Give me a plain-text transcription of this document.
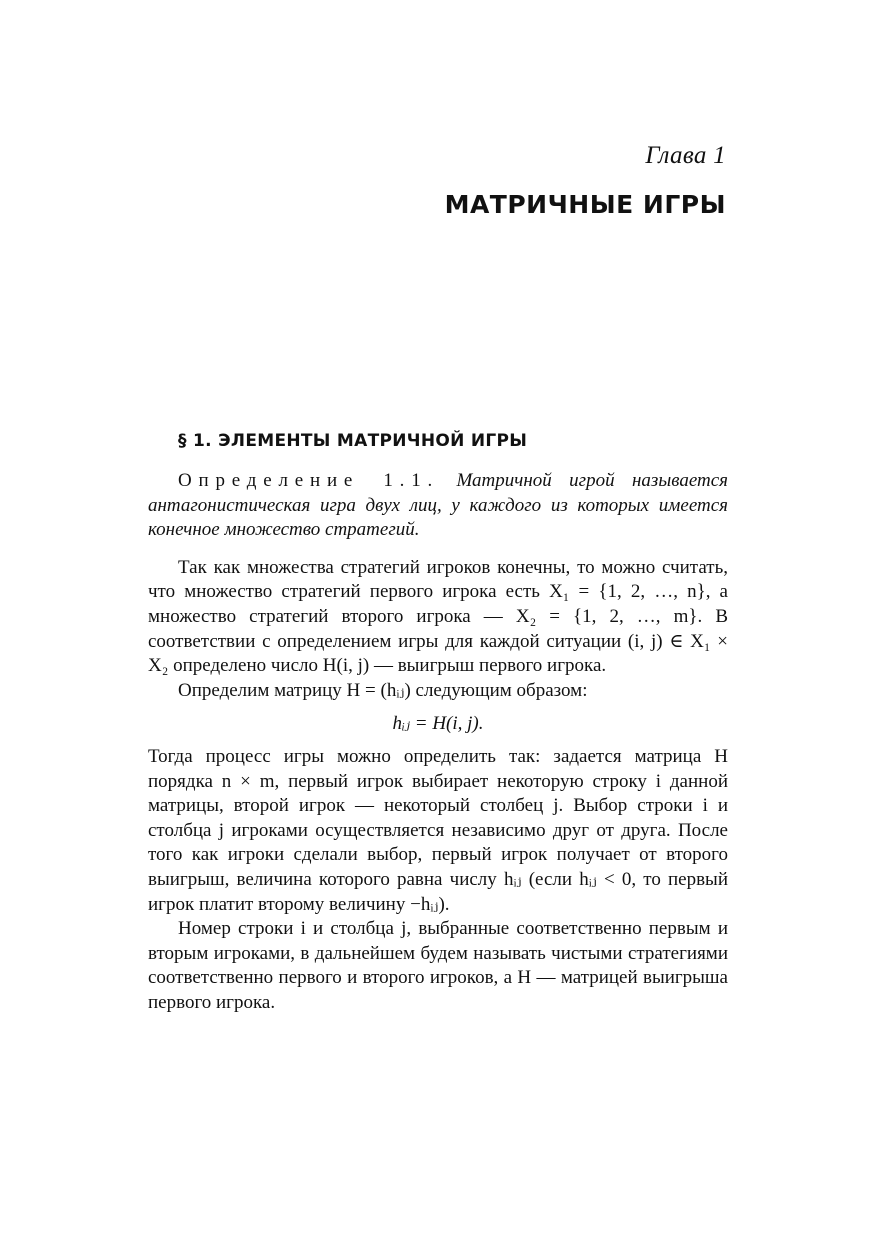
Глава 1
МАТРИЧНЫЕ ИГРЫ
§ 1. ЭЛЕМЕНТЫ МАТРИЧНОЙ ИГРЫ

Определение 1.1. Матричной игрой называется антагонистическая игра двух лиц, у каждого из которых имеется конечное множество стратегий.

Так как множества стратегий игроков конечны, то можно считать, что множество стратегий первого игрока есть X₁ = {1, 2, …, n}, а множество стратегий второго игрока — X₂ = {1, 2, …, m}. В соответствии с определением игры для каждой ситуации (i, j) ∈ X₁ × X₂ определено число H(i, j) — выигрыш первого игрока.

Определим матрицу H = (hᵢⱼ) следующим образом:

hᵢⱼ = H(i, j).

Тогда процесс игры можно определить так: задается матрица H порядка n × m, первый игрок выбирает некоторую строку i данной матрицы, второй игрок — некоторый столбец j. Выбор строки i и столбца j игроками осуществляется независимо друг от друга. После того как игроки сделали выбор, первый игрок получает от второго выигрыш, величина которого равна числу hᵢⱼ (если hᵢⱼ < 0, то первый игрок платит второму величину −hᵢⱼ).

Номер строки i и столбца j, выбранные соответственно первым и вторым игроками, в дальнейшем будем называть чистыми стратегиями соответственно первого и второго игроков, а H — матрицей выигрыша первого игрока.
